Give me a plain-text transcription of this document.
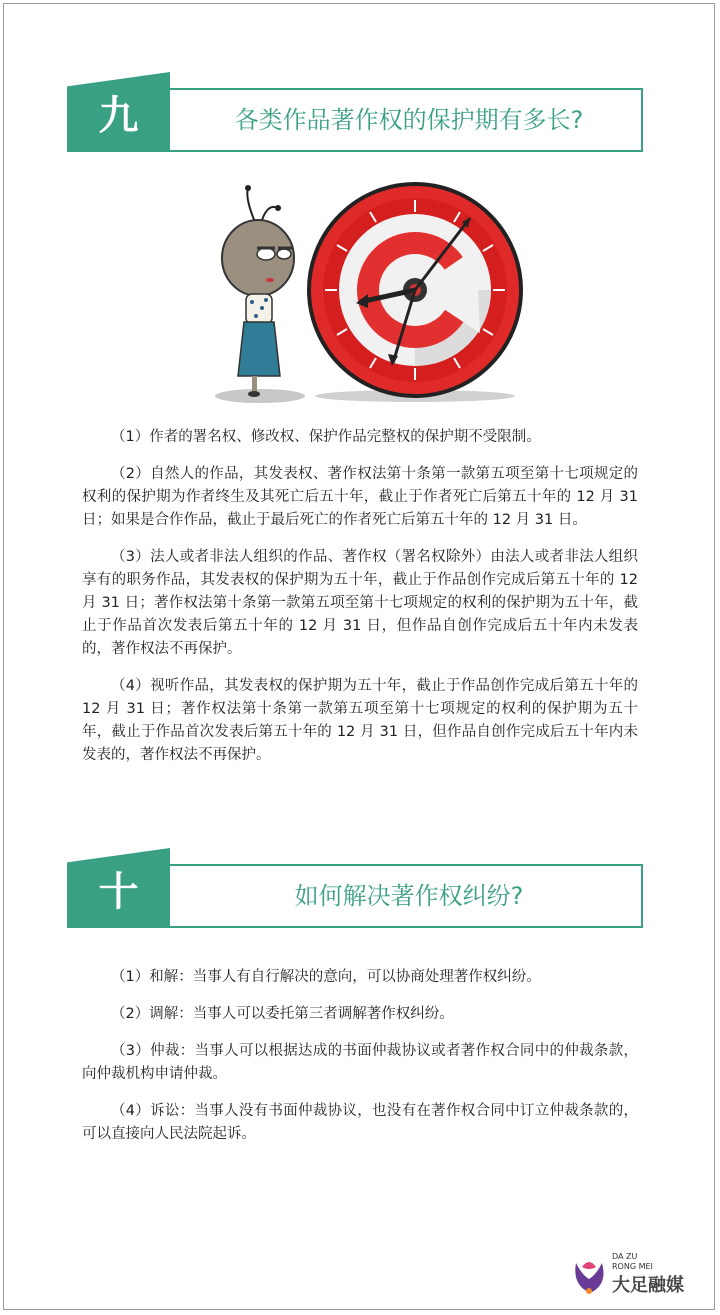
九	各类作品著作权的保护期有多长?

（1）作者的署名权、修改权、保护作品完整权的保护期不受限制。

（2）自然人的作品，其发表权、著作权法第十条第一款第五项至第十七项规定的权利的保护期为作者终生及其死亡后五十年，截止于作者死亡后第五十年的 12 月 31 日；如果是合作作品，截止于最后死亡的作者死亡后第五十年的 12 月 31 日。

（3）法人或者非法人组织的作品、著作权（署名权除外）由法人或者非法人组织享有的职务作品，其发表权的保护期为五十年，截止于作品创作完成后第五十年的 12 月 31 日；著作权法第十条第一款第五项至第十七项规定的权利的保护期为五十年，截止于作品首次发表后第五十年的 12 月 31 日，但作品自创作完成后五十年内未发表的，著作权法不再保护。

（4）视听作品，其发表权的保护期为五十年，截止于作品创作完成后第五十年的 12 月 31 日；著作权法第十条第一款第五项至第十七项规定的权利的保护期为五十年，截止于作品首次发表后第五十年的 12 月 31 日，但作品自创作完成后五十年内未发表的，著作权法不再保护。

十	如何解决著作权纠纷?

（1）和解：当事人有自行解决的意向，可以协商处理著作权纠纷。

（2）调解：当事人可以委托第三者调解著作权纠纷。

（3）仲裁：当事人可以根据达成的书面仲裁协议或者著作权合同中的仲裁条款，向仲裁机构申请仲裁。

（4）诉讼：当事人没有书面仲裁协议，也没有在著作权合同中订立仲裁条款的，可以直接向人民法院起诉。

DA ZU
RONG MEI
大足融媒
